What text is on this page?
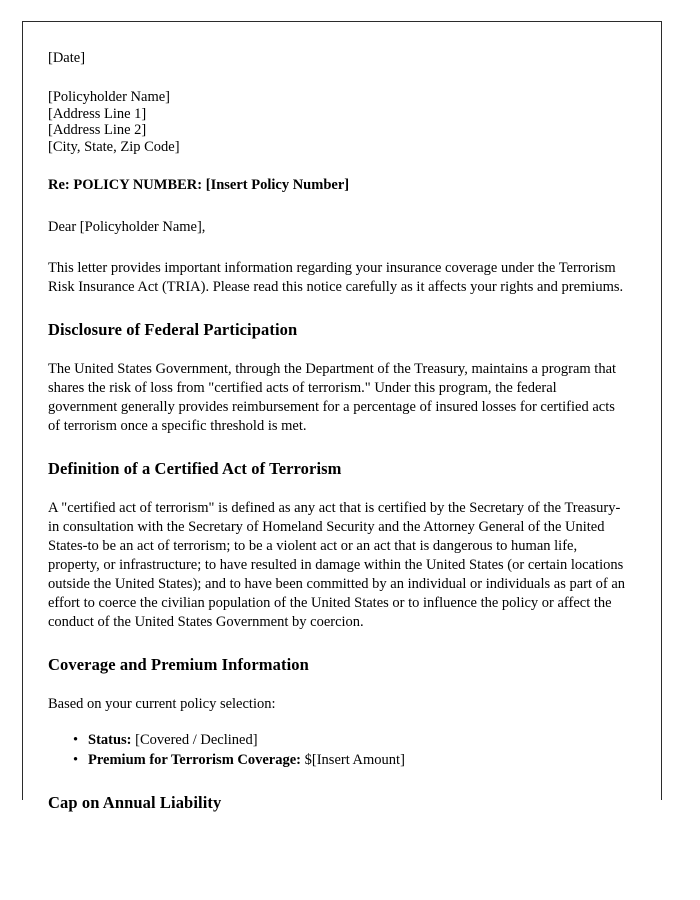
[Date]

[Policyholder Name]

[Address Line 1]

[Address Line 2]

[City, State, Zip Code]

Re: POLICY NUMBER: [Insert Policy Number]

Dear [Policyholder Name],

This letter provides important information regarding your insurance coverage under the Terrorism Risk Insurance Act (TRIA). Please read this notice carefully as it affects your rights and premiums.

Disclosure of Federal Participation

The United States Government, through the Department of the Treasury, maintains a program that shares the risk of loss from "certified acts of terrorism." Under this program, the federal government generally provides reimbursement for a percentage of insured losses for certified acts of terrorism once a specific threshold is met.

Definition of a Certified Act of Terrorism

A "certified act of terrorism" is defined as any act that is certified by the Secretary of the Treasury-in consultation with the Secretary of Homeland Security and the Attorney General of the United States-to be an act of terrorism; to be a violent act or an act that is dangerous to human life, property, or infrastructure; to have resulted in damage within the United States (or certain locations outside the United States); and to have been committed by an individual or individuals as part of an effort to coerce the civilian population of the United States or to influence the policy or affect the conduct of the United States Government by coercion.

Coverage and Premium Information

Based on your current policy selection:

• Status: [Covered / Declined]
• Premium for Terrorism Coverage: $[Insert Amount]
Cap on Annual Liability
